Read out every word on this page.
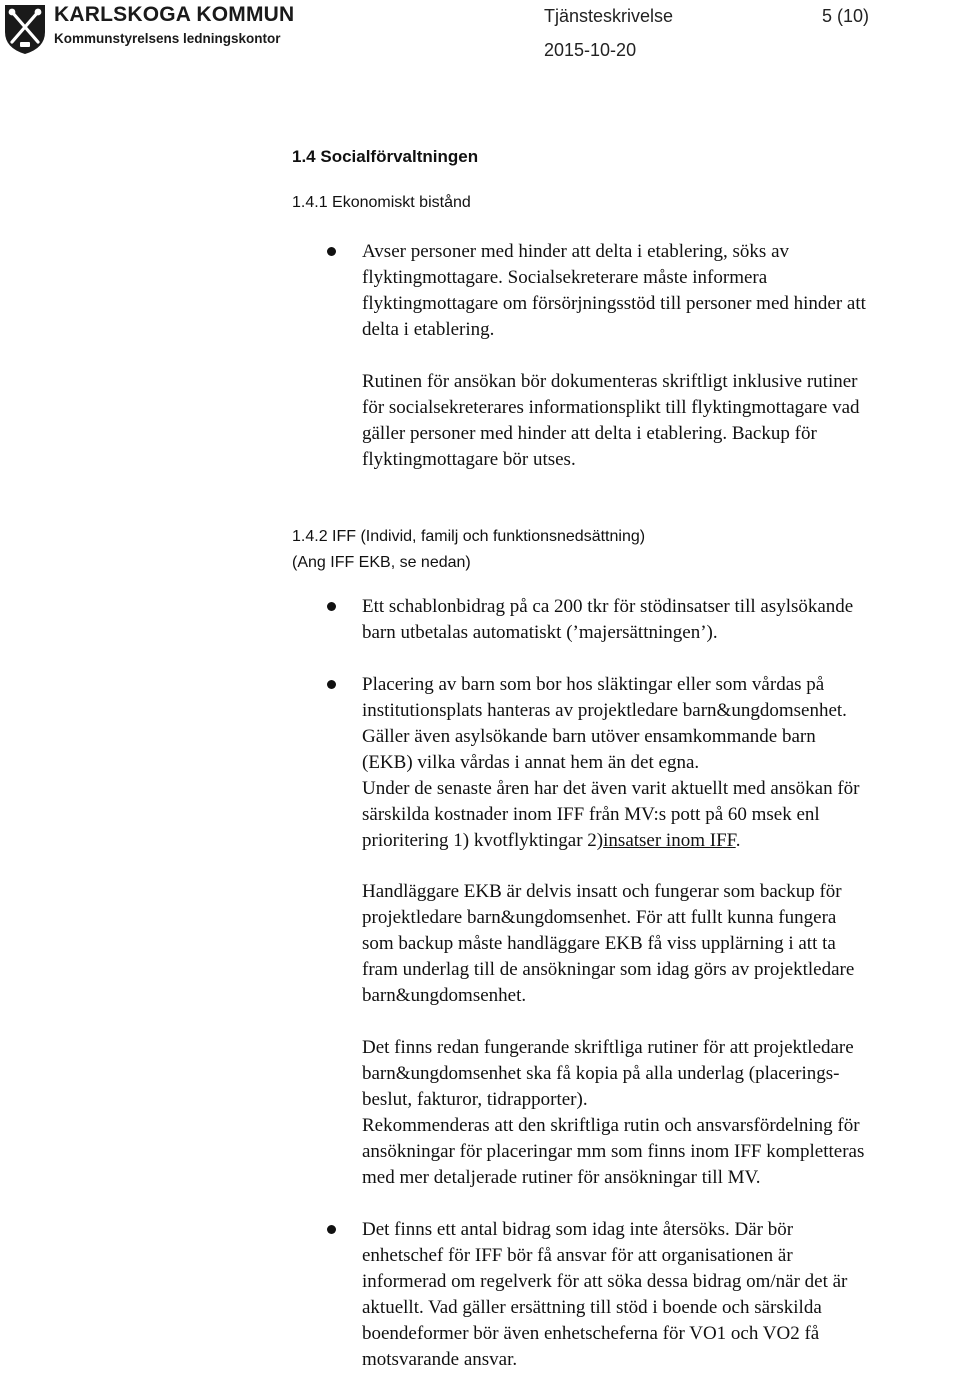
KARLSKOGA KOMMUN
Kommunstyrelsens ledningskontor
Tjänsteskrivelse	5 (10)
2015-10-20
1.4 Socialförvaltningen
1.4.1 Ekonomiskt bistånd
Avser personer med hinder att delta i etablering, söks av
flyktingmottagare. Socialsekreterare måste informera
flyktingmottagare om försörjningsstöd till personer med hinder att
delta i etablering.
Rutinen för ansökan bör dokumenteras skriftligt inklusive rutiner
för socialsekreterares informationsplikt till flyktingmottagare vad
gäller personer med hinder att delta i etablering. Backup för
flyktingmottagare bör utses.
1.4.2 IFF (Individ, familj och funktionsnedsättning)
(Ang IFF EKB, se nedan)
Ett schablonbidrag på ca 200 tkr för stödinsatser till asylsökande
barn utbetalas automatiskt (’majersättningen’).
Placering av barn som bor hos släktingar eller som vårdas på
institutionsplats hanteras av projektledare barn&ungdomsenhet.
Gäller även asylsökande barn utöver ensamkommande barn
(EKB) vilka vårdas i annat hem än det egna.
Under de senaste åren har det även varit aktuellt med ansökan för
särskilda kostnader inom IFF från MV:s pott på 60 msek enl
prioritering 1) kvotflyktingar 2)insatser inom IFF.
Handläggare EKB är delvis insatt och fungerar som backup för
projektledare barn&ungdomsenhet. För att fullt kunna fungera
som backup måste handläggare EKB få viss upplärning i att ta
fram underlag till de ansökningar som idag görs av projektledare
barn&ungdomsenhet.
Det finns redan fungerande skriftliga rutiner för att projektledare
barn&ungdomsenhet ska få kopia på alla underlag (placerings-
beslut, fakturor, tidrapporter).
Rekommenderas att den skriftliga rutin och ansvarsfördelning för
ansökningar för placeringar mm som finns inom IFF kompletteras
med mer detaljerade rutiner för ansökningar till MV.
Det finns ett antal bidrag som idag inte återsöks. Där bör
enhetschef för IFF bör få ansvar för att organisationen är
informerad om regelverk för att söka dessa bidrag om/när det är
aktuellt. Vad gäller ersättning till stöd i boende och särskilda
boendeformer bör även enhetscheferna för VO1 och VO2 få
motsvarande ansvar.
